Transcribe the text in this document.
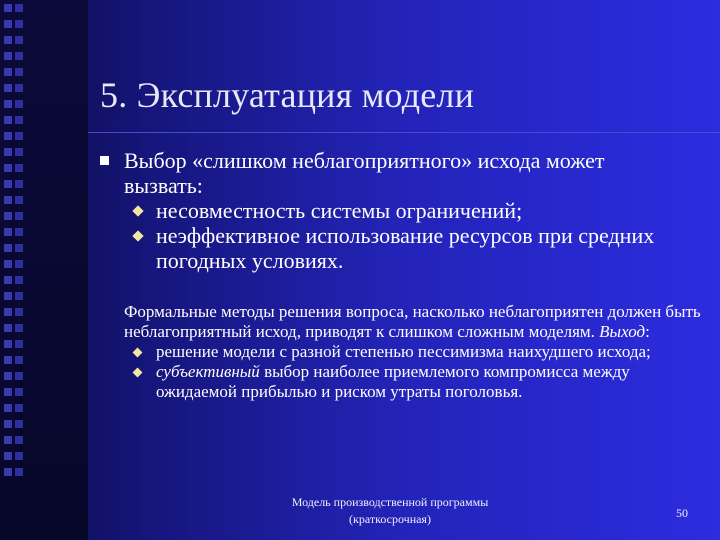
5. Эксплуатация модели
Выбор «слишком неблагоприятного» исхода может вызвать:
несовместность системы ограничений;
неэффективное использование ресурсов при средних погодных условиях.
Формальные методы решения вопроса, насколько неблагоприятен должен быть неблагоприятный исход, приводят к слишком сложным моделям. Выход:
решение модели с разной степенью пессимизма наихудшего исхода;
субъективный выбор наиболее приемлемого компромисса между ожидаемой прибылью и риском утраты поголовья.
Модель производственной программы (краткосрочная)	50
